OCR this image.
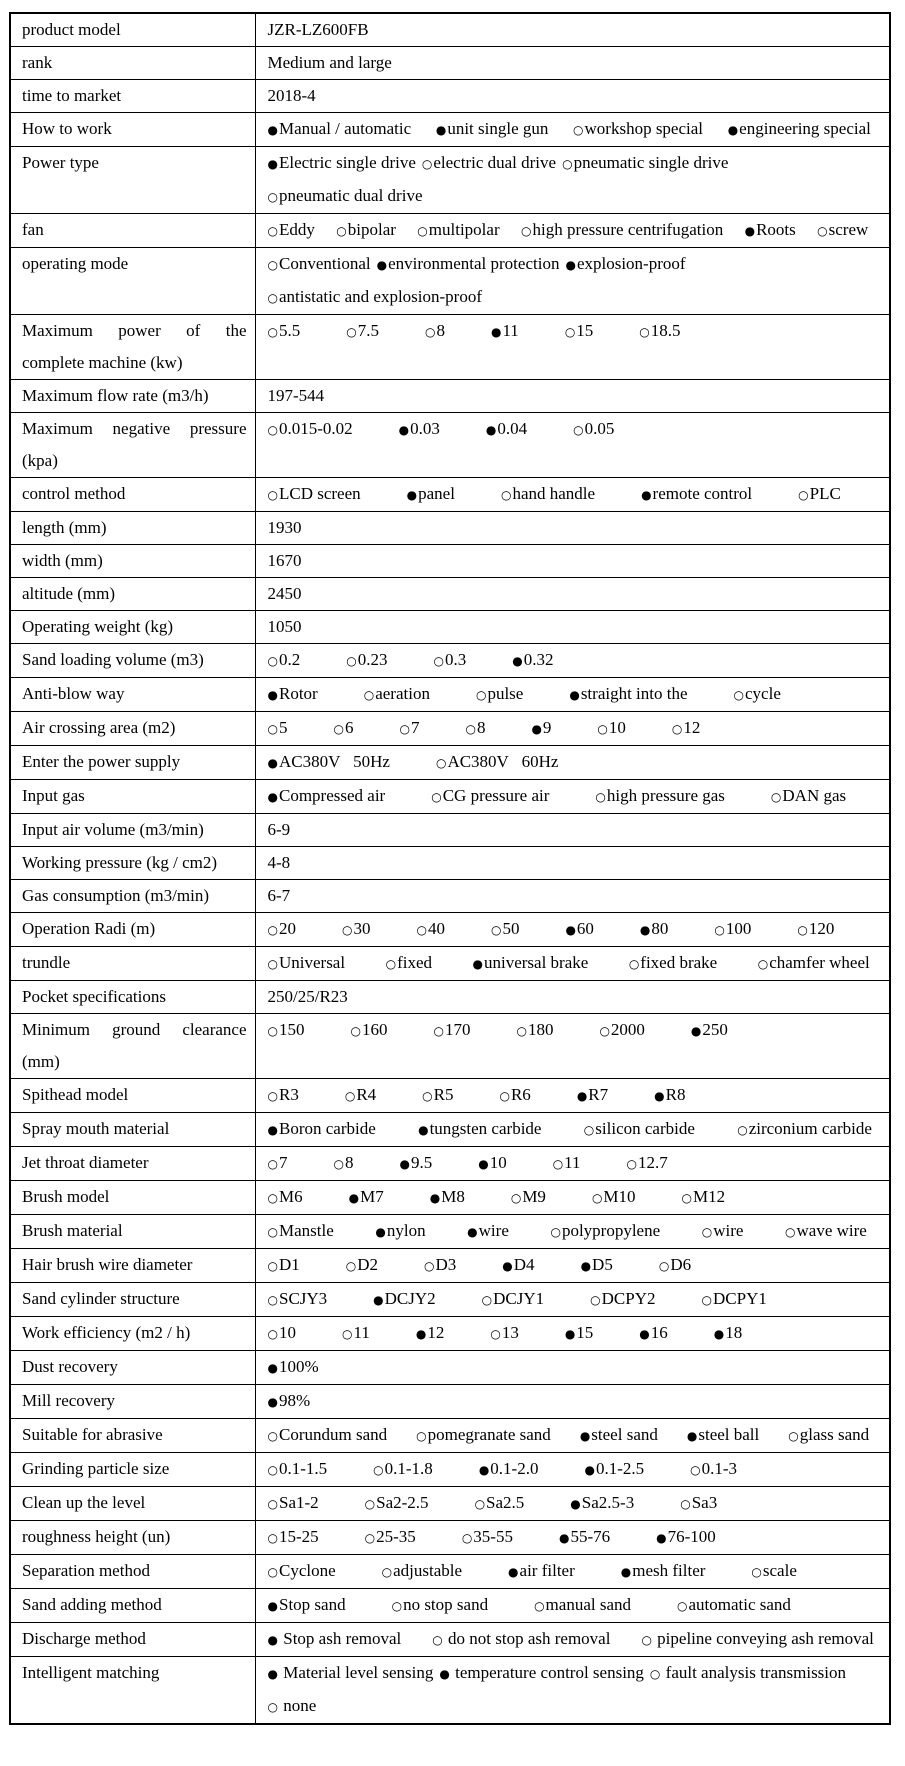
product model	JZR-LZ600FB
rank	Medium and large
time to market	2018-4
How to work	●Manual / automatic ●unit single gun ○workshop special ●engineering special
Power type	●Electric single drive ○electric dual drive ○pneumatic single drive○pneumatic dual drive
fan	○Eddy ○bipolar ○multipolar ○high pressure centrifugation ●Roots ○screw
operating mode	○Conventional ●environmental protection ●explosion-proof○antistatic and explosion-proof
Maximum power of the complete machine (kw)	○5.5 ○7.5 ○8 ●11 ○15 ○18.5
Maximum flow rate (m3/h)	197-544
Maximum negative pressure (kpa)	○0.015-0.02 ●0.03 ●0.04 ○0.05
control method	○LCD screen ●panel ○hand handle ●remote control ○PLC
length (mm)	1930
width (mm)	1670
altitude (mm)	2450
Operating weight (kg)	1050
Sand loading volume (m3)	○0.2 ○0.23 ○0.3 ●0.32
Anti-blow way	●Rotor ○aeration ○pulse ●straight into the ○cycle
Air crossing area (m2)	○5 ○6 ○7 ○8 ●9 ○10 ○12
Enter the power supply	●AC380V   50Hz ○AC380V   60Hz
Input gas	●Compressed air ○CG pressure air ○high pressure gas ○DAN gas
Input air volume (m3/min)	6-9
Working pressure (kg / cm2)	4-8
Gas consumption (m3/min)	6-7
Operation Radi (m)	○20 ○30 ○40 ○50 ●60 ●80 ○100 ○120
trundle	○Universal ○fixed ●universal brake ○fixed brake ○chamfer wheel
Pocket specifications	250/25/R23
Minimum ground clearance (mm)	○150 ○160 ○170 ○180 ○2000 ●250
Spithead model	○R3 ○R4 ○R5 ○R6 ●R7 ●R8
Spray mouth material	●Boron carbide ●tungsten carbide ○silicon carbide ○zirconium carbide
Jet throat diameter	○7 ○8 ●9.5 ●10 ○11 ○12.7
Brush model	○M6 ●M7 ●M8 ○M9 ○M10 ○M12
Brush material	○Manstle ●nylon ●wire ○polypropylene ○wire ○wave wire
Hair brush wire diameter	○D1 ○D2 ○D3 ●D4 ●D5 ○D6
Sand cylinder structure	○SCJY3 ●DCJY2 ○DCJY1 ○DCPY2 ○DCPY1
Work efficiency (m2 / h)	○10 ○11 ●12 ○13 ●15 ●16 ●18
Dust recovery	●100%
Mill recovery	●98%
Suitable for abrasive	○Corundum sand ○pomegranate sand ●steel sand ●steel ball ○glass sand
Grinding particle size	○0.1-1.5 ○0.1-1.8 ●0.1-2.0 ●0.1-2.5 ○0.1-3
Clean up the level	○Sa1-2 ○Sa2-2.5 ○Sa2.5 ●Sa2.5-3 ○Sa3
roughness height (un)	○15-25 ○25-35 ○35-55 ●55-76 ●76-100
Separation method	○Cyclone ○adjustable ●air filter ●mesh filter ○scale
Sand adding method	●Stop sand ○no stop sand ○manual sand ○automatic sand
Discharge method	● Stop ash removal ○ do not stop ash removal ○ pipeline conveying ash removal
Intelligent matching	● Material level sensing ● temperature control sensing ○ fault analysis transmission○ none
